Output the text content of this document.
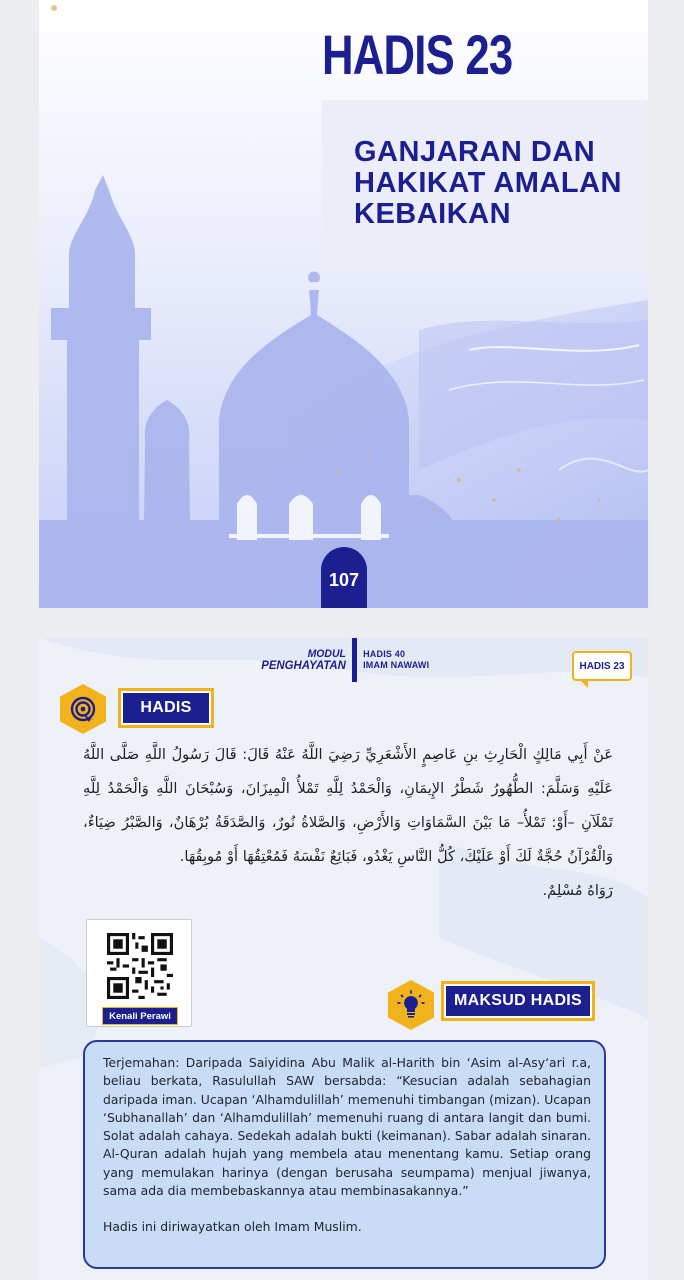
HADIS 23
GANJARAN DAN
HAKIKAT AMALAN
KEBAIKAN
107
MODUL
PENGHAYATAN
HADIS 40
IMAM NAWAWI	HADIS 23
HADIS
عَنْ أَبِي مَالِكٍ الْحَارِثِ بنِ عَاصِمٍ الأَشْعَرِيِّ رَضِيَ اللَّهُ عَنْهُ قَالَ: قَالَ رَسُولُ اللَّهِ صَلَّى اللَّهُ عَلَيْهِ وَسَلَّمَ: الطُّهُورُ شَطْرُ الإِيمَانِ، وَالْحَمْدُ لِلَّهِ تَمْلأُ الْمِيزَانَ، وَسُبْحَانَ اللَّهِ وَالْحَمْدُ لِلَّهِ تَمْلَآنِ –أَوْ: تَمْلأُ– مَا بَيْنَ السَّمَاوَاتِ وَالأَرْضِ، وَالصَّلاةُ نُورٌ، وَالصَّدَقَةُ بُرْهَانٌ، وَالصَّبْرُ ضِيَاءٌ، وَالْقُرْآنُ حُجَّةٌ لَكَ أَوْ عَلَيْكَ، كُلُّ النَّاسِ يَغْدُو، فَبَائِعٌ نَفْسَهُ فَمُعْتِقُهَا أَوْ مُوبِقُهَا.
رَوَاهُ مُسْلِمٌ.
Kenali Perawi
MAKSUD HADIS

Terjemahan: Daripada Saiyidina Abu Malik al-Harith bin ‘Asim al-Asy‘ari r.a, beliau berkata, Rasulullah SAW bersabda: “Kesucian adalah sebahagian daripada iman. Ucapan ‘Alhamdulillah’ memenuhi timbangan (mizan). Ucapan ‘Subhanallah’ dan ‘Alhamdulillah’ memenuhi ruang di antara langit dan bumi. Solat adalah cahaya. Sedekah adalah bukti (keimanan). Sabar adalah sinaran. Al-Quran adalah hujah yang membela atau menentang kamu. Setiap orang yang memulakan harinya (dengan berusaha seumpama) menjual jiwanya, sama ada dia membebaskannya atau membinasakannya.”

Hadis ini diriwayatkan oleh Imam Muslim.
